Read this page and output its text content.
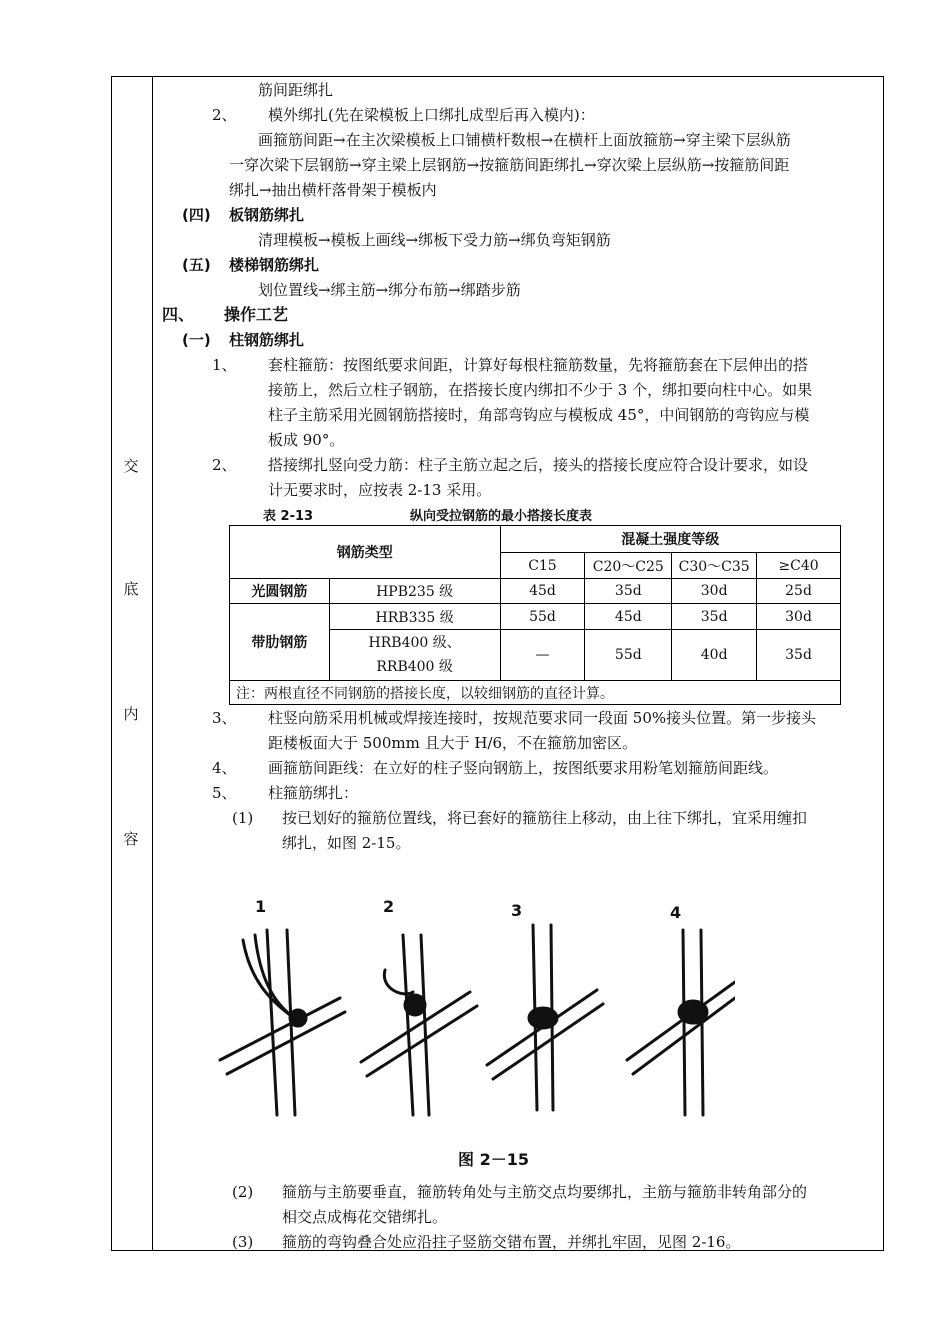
交
底
内
容
筋间距绑扎
2、 模外绑扎(先在梁模板上口绑扎成型后再入模内)：
画箍筋间距→在主次梁模板上口铺横杆数根→在横杆上面放箍筋→穿主梁下层纵筋
一穿次梁下层钢筋→穿主梁上层钢筋→按箍筋间距绑扎→穿次梁上层纵筋→按箍筋间距
绑扎→抽出横杆落骨架于模板内
(四) 板钢筋绑扎
清理模板→模板上画线→绑板下受力筋→绑负弯矩钢筋
(五) 楼梯钢筋绑扎
划位置线→绑主筋→绑分布筋→绑踏步筋
四、 操作工艺
(一) 柱钢筋绑扎
1、 套柱箍筋：按图纸要求间距，计算好每根柱箍筋数量，先将箍筋套在下层伸出的搭
接筋上，然后立柱子钢筋，在搭接长度内绑扣不少于 3 个，绑扣要向柱中心。如果
柱子主筋采用光圆钢筋搭接时，角部弯钩应与模板成 45°，中间钢筋的弯钩应与模
板成 90°。
2、 搭接绑扎竖向受力筋：柱子主筋立起之后，接头的搭接长度应符合设计要求，如设
计无要求时，应按表 2-13 采用。
表 2-13	纵向受拉钢筋的最小搭接长度表
钢筋类型		混凝土强度等级			
		C15	C20～C25	C30～C35	≥C40
光圆钢筋	HPB235 级	45d	35d	30d	25d
带肋钢筋	HRB335 级	55d	45d	35d	30d
	HRB400 级、RRB400 级	—	55d	40d	35d
注：两根直径不同钢筋的搭接长度，以较细钢筋的直径计算。					
3、 柱竖向筋采用机械或焊接连接时，按规范要求同一段面 50%接头位置。第一步接头
距楼板面大于 500mm 且大于 H/6，不在箍筋加密区。
4、 画箍筋间距线：在立好的柱子竖向钢筋上，按图纸要求用粉笔划箍筋间距线。
5、 柱箍筋绑扎：
(1) 按已划好的箍筋位置线，将已套好的箍筋往上移动，由上往下绑扎，宜采用缠扣
绑扎，如图 2-15。
1	2	3	4
图 2－15
(2) 箍筋与主筋要垂直，箍筋转角处与主筋交点均要绑扎，主筋与箍筋非转角部分的
相交点成梅花交错绑扎。
(3) 箍筋的弯钩叠合处应沿拄子竖筋交错布置，并绑扎牢固，见图 2-16。
